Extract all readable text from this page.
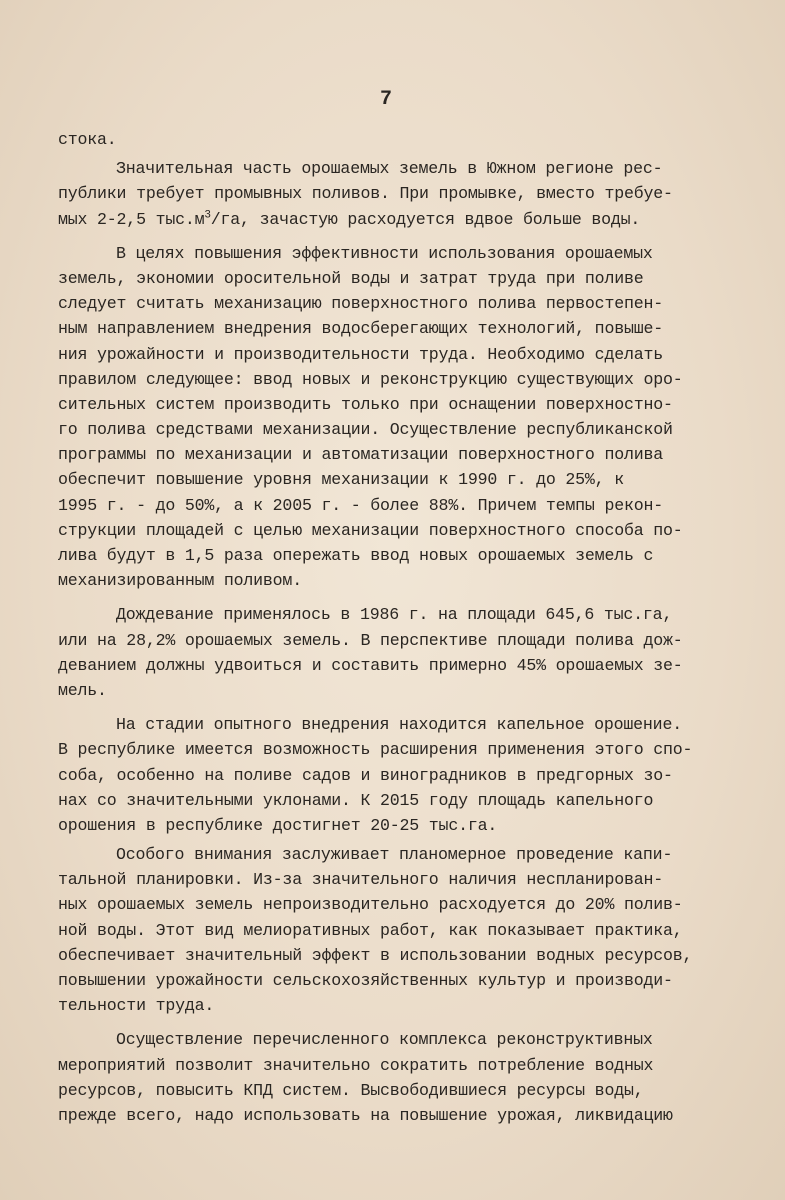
7
стока.
Значительная часть орошаемых земель в Южном регионе рес-
публики требует промывных поливов. При промывке, вместо требуе-
мых 2-2,5 $тыс.м^3/га$, зачастую расходуется вдвое больше воды.
В целях повышения эффективности использования орошаемых
земель, экономии оросительной воды и затрат труда при поливе
следует считать механизацию поверхностного полива первостепен-
ным направлением внедрения водосберегающих технологий, повыше-
ния урожайности и производительности труда. Необходимо сделать
правилом следующее: ввод новых и реконструкцию существующих оро-
сительных систем производить только при оснащении поверхностно-
го полива средствами механизации. Осуществление республиканской
программы по механизации и автоматизации поверхностного полива
обеспечит повышение уровня механизации к 1990 г. до 25%, к
1995 г. - до 50%, а к 2005 г. - более 88%. Причем темпы рекон-
струкции площадей с целью механизации поверхностного способа по-
лива будут в 1,5 раза опережать ввод новых орошаемых земель с
механизированным поливом.
Дождевание применялось в 1986 г. на площади 645,6 тыс.га,
или на 28,2% орошаемых земель. В перспективе площади полива дож-
деванием должны удвоиться и составить примерно 45% орошаемых зе-
мель.
На стадии опытного внедрения находится капельное орошение.
В республике имеется возможность расширения применения этого спо-
соба, особенно на поливе садов и виноградников в предгорных зо-
нах со значительными уклонами. К 2015 году площадь капельного
орошения в республике достигнет 20-25 тыс.га.
Особого внимания заслуживает планомерное проведение капи-
тальной планировки. Из-за значительного наличия неспланирован-
ных орошаемых земель непроизводительно расходуется до 20% полив-
ной воды. Этот вид мелиоративных работ, как показывает практика,
обеспечивает значительный эффект в использовании водных ресурсов,
повышении урожайности сельскохозяйственных культур и производи-
тельности труда.
Осуществление перечисленного комплекса реконструктивных
мероприятий позволит значительно сократить потребление водных
ресурсов, повысить КПД систем. Высвободившиеся ресурсы воды,
прежде всего, надо использовать на повышение урожая, ликвидацию
